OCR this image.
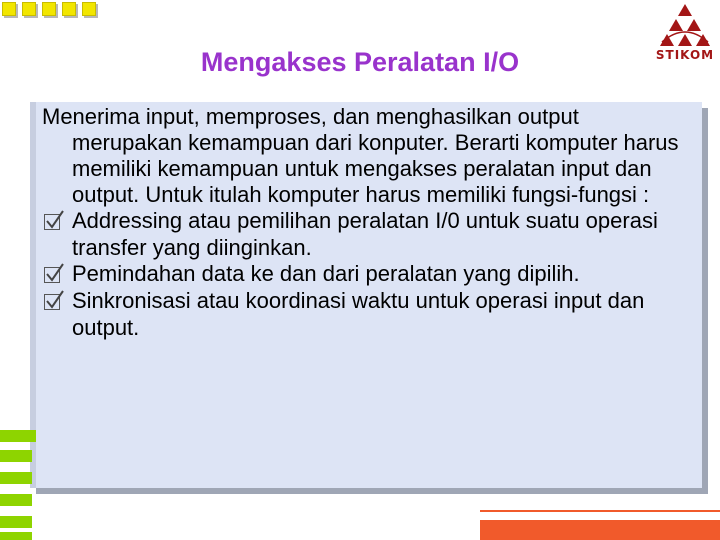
STIKOM
Mengakses Peralatan I/O
Menerima input, memproses, dan menghasilkan output merupakan kemampuan dari konputer. Berarti komputer harus memiliki kemampuan untuk mengakses peralatan input dan output. Untuk itulah komputer harus memiliki fungsi-fungsi :
Addressing atau pemilihan peralatan I/0 untuk suatu operasi transfer yang diinginkan.
Pemindahan data ke dan dari peralatan yang dipilih.
Sinkronisasi atau koordinasi waktu untuk operasi input dan output.
